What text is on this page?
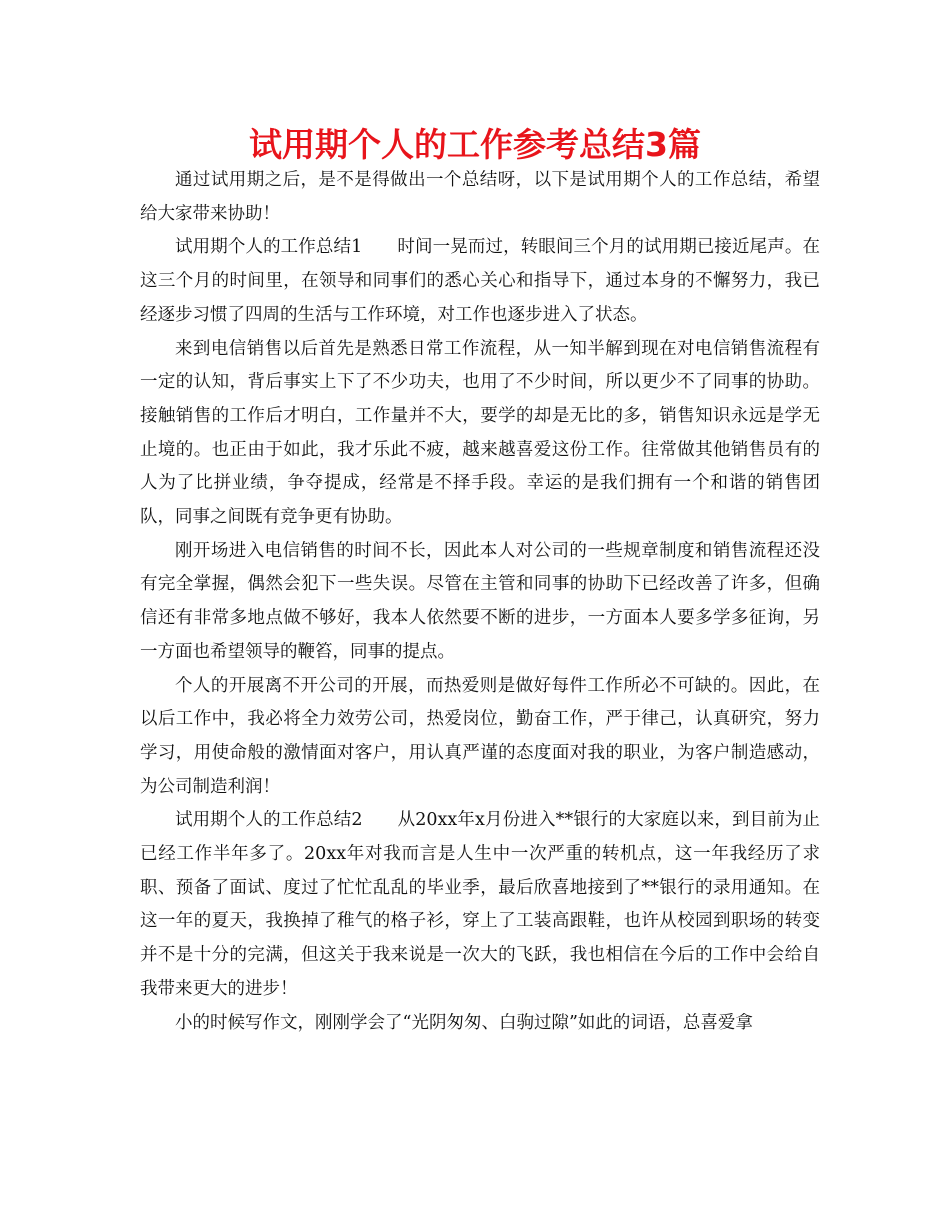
试用期个人的工作参考总结3篇

通过试用期之后，是不是得做出一个总结呀，以下是试用期个人的工作总结，希望给大家带来协助！

试用期个人的工作总结1 时间一晃而过，转眼间三个月的试用期已接近尾声。在这三个月的时间里，在领导和同事们的悉心关心和指导下，通过本身的不懈努力，我已经逐步习惯了四周的生活与工作环境，对工作也逐步进入了状态。

来到电信销售以后首先是熟悉日常工作流程，从一知半解到现在对电信销售流程有一定的认知，背后事实上下了不少功夫，也用了不少时间，所以更少不了同事的协助。接触销售的工作后才明白，工作量并不大，要学的却是无比的多，销售知识永远是学无止境的。也正由于如此，我才乐此不疲，越来越喜爱这份工作。往常做其他销售员有的人为了比拼业绩，争夺提成，经常是不择手段。幸运的是我们拥有一个和谐的销售团队，同事之间既有竞争更有协助。

刚开场进入电信销售的时间不长，因此本人对公司的一些规章制度和销售流程还没有完全掌握，偶然会犯下一些失误。尽管在主管和同事的协助下已经改善了许多，但确信还有非常多地点做不够好，我本人依然要不断的进步，一方面本人要多学多征询，另一方面也希望领导的鞭笞，同事的提点。

个人的开展离不开公司的开展，而热爱则是做好每件工作所必不可缺的。因此，在以后工作中，我必将全力效劳公司，热爱岗位，勤奋工作，严于律己，认真研究，努力学习，用使命般的激情面对客户，用认真严谨的态度面对我的职业，为客户制造感动，为公司制造利润！

试用期个人的工作总结2 从20xx年x月份进入**银行的大家庭以来，到目前为止已经工作半年多了。20xx年对我而言是人生中一次严重的转机点，这一年我经历了求职、预备了面试、度过了忙忙乱乱的毕业季，最后欣喜地接到了**银行的录用通知。在这一年的夏天，我换掉了稚气的格子衫，穿上了工装高跟鞋，也许从校园到职场的转变并不是十分的完满，但这关于我来说是一次大的飞跃，我也相信在今后的工作中会给自我带来更大的进步！

小的时候写作文，刚刚学会了“光阴匆匆、白驹过隙”如此的词语，总喜爱拿
